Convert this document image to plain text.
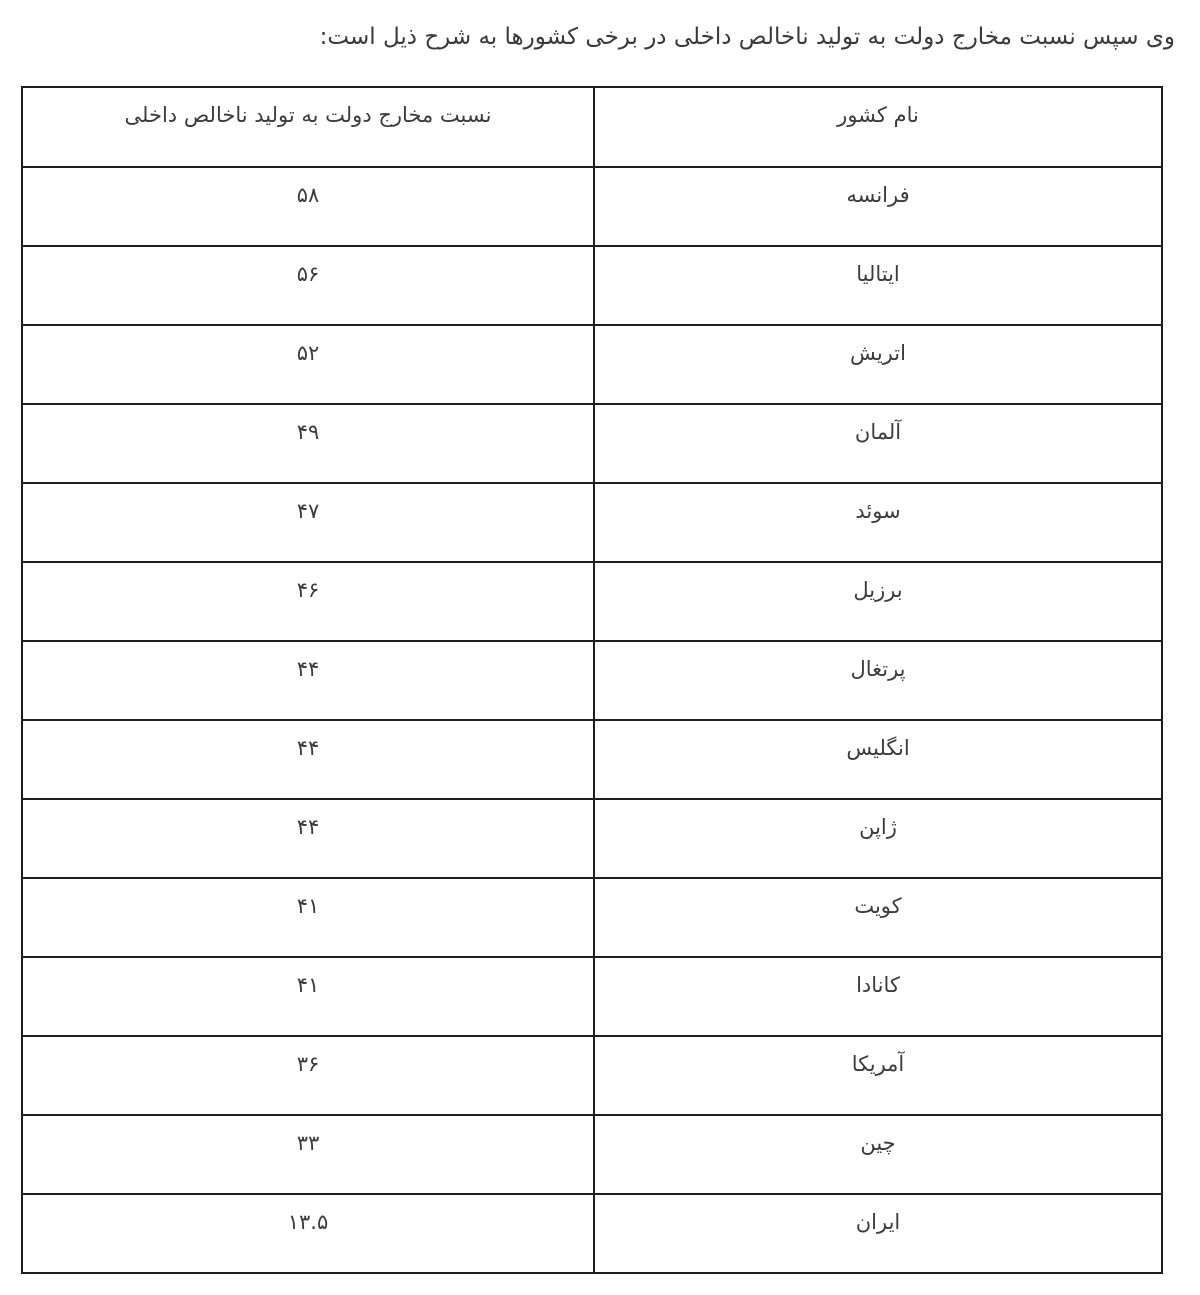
وی سپس نسبت مخارج دولت به تولید ناخالص داخلی در برخی کشورها به شرح ذیل است:

نام کشور	نسبت مخارج دولت به تولید ناخالص داخلی
فرانسه	۵۸
ایتالیا	۵۶
اتریش	۵۲
آلمان	۴۹
سوئد	۴۷
برزیل	۴۶
پرتغال	۴۴
انگلیس	۴۴
ژاپن	۴۴
کویت	۴۱
کانادا	۴۱
آمریکا	۳۶
چین	۳۳
ایران	۱۳.۵
